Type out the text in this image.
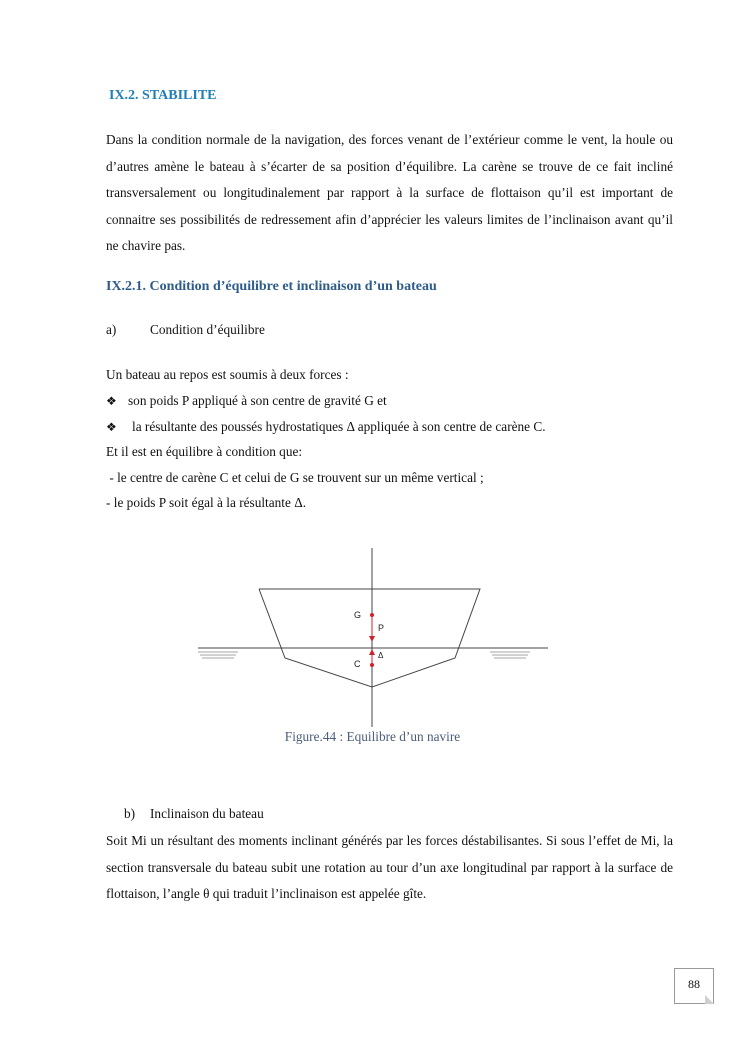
IX.2. STABILITE

Dans la condition normale de la navigation, des forces venant de l’extérieur comme le vent, la houle ou d’autres amène le bateau à s’écarter de sa position d’équilibre. La carène se trouve de ce fait incliné transversalement ou longitudinalement par rapport à la surface de flottaison qu’il est important de connaitre ses possibilités de redressement afin d’apprécier les valeurs limites de l’inclinaison avant qu’il ne chavire pas.

IX.2.1. Condition d’équilibre et inclinaison d’un bateau
a)	Condition d’équilibre
Un bateau au repos est soumis à deux forces :
❖ son poids P appliqué à son centre de gravité G et
❖ la résultante des poussés hydrostatiques Δ appliquée à son centre de carène C.
Et il est en équilibre à condition que:
- le centre de carène C et celui de G se trouvent sur un même vertical ;
- le poids P soit égal à la résultante Δ.
G
P
Δ
C
Figure.44 : Equilibre d’un navire
b) Inclinaison du bateau

Soit Mi un résultant des moments inclinant générés par les forces déstabilisantes. Si sous l’effet de Mi, la section transversale du bateau subit une rotation au tour d’un axe longitudinal par rapport à la surface de flottaison, l’angle θ qui traduit l’inclinaison est appelée gîte.

88
